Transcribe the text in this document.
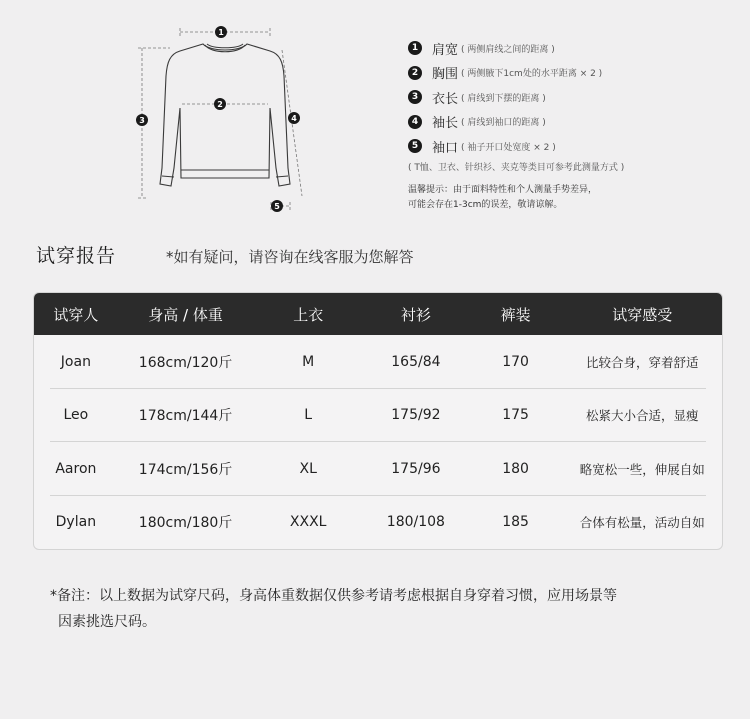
1
2
3	4
5
1 肩宽 ( 两侧肩线之间的距离 )
2 胸围 ( 两侧腋下1cm处的水平距离 × 2 )
3 衣长 ( 肩线到下摆的距离 )
4 袖长 ( 肩线到袖口的距离 )
5 袖口 ( 袖子开口处宽度 × 2 )
( T恤、卫衣、针织衫、夹克等类目可参考此测量方式 )
温馨提示：由于面料特性和个人测量手势差异，
可能会存在1-3cm的误差，敬请谅解。
试穿报告	*如有疑问，请咨询在线客服为您解答
试穿人	身高 / 体重	上衣	衬衫	裤装	试穿感受
Joan	168cm/120斤	M	165/84	170	比较合身，穿着舒适
Leo	178cm/144斤	L	175/92	175	松紧大小合适，显瘦
Aaron	174cm/156斤	XL	175/96	180	略宽松一些，伸展自如
Dylan	180cm/180斤	XXXL	180/108	185	合体有松量，活动自如
*备注：以上数据为试穿尺码，身高体重数据仅供参考请考虑根据自身穿着习惯，应用场景等
因素挑选尺码。
